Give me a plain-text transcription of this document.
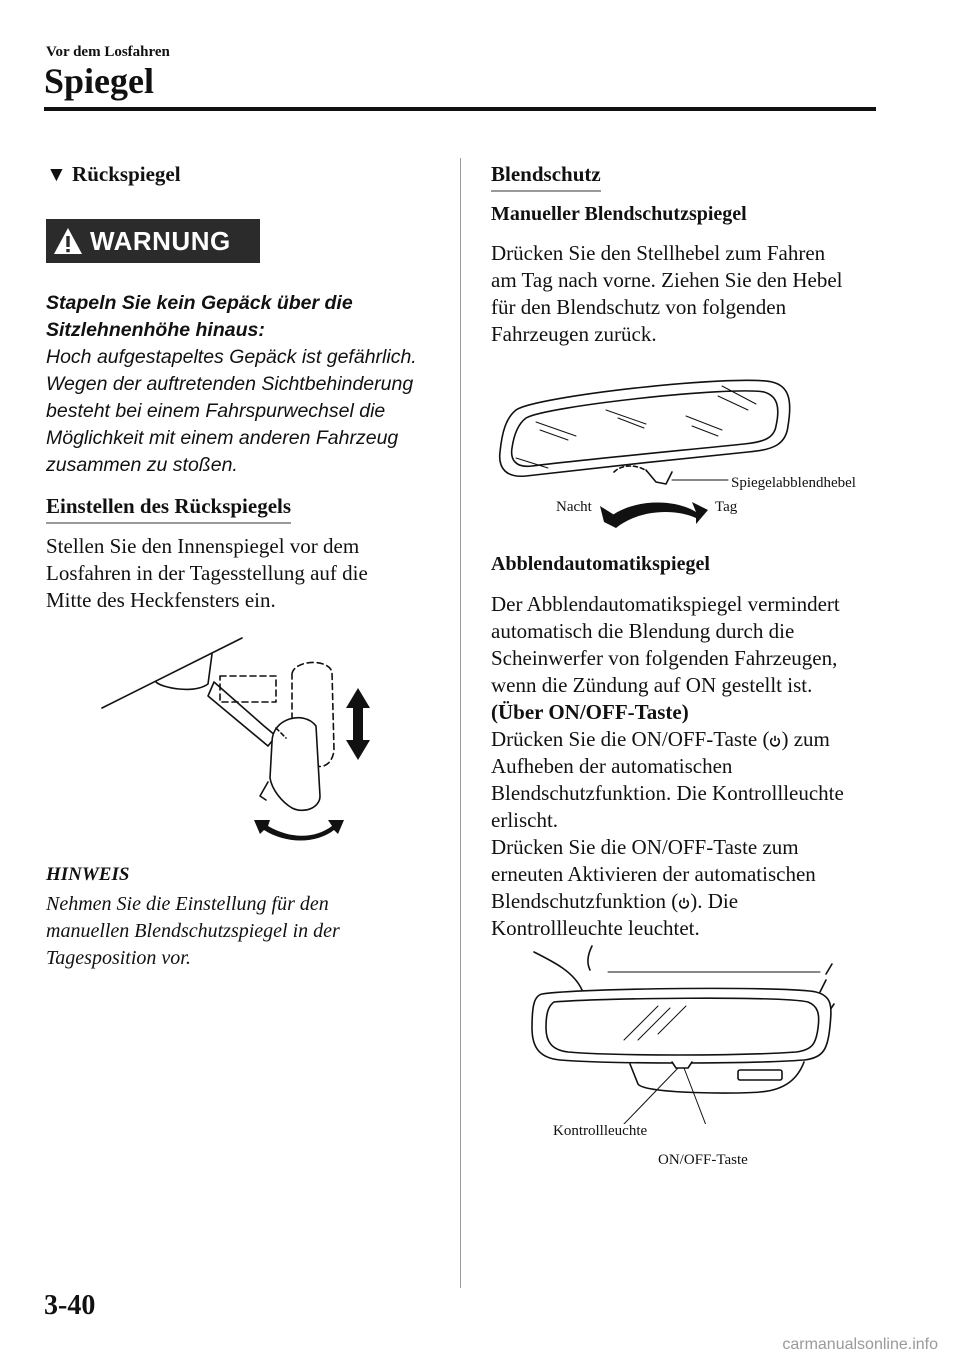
Vor dem Losfahren
Spiegel
▼ Rückspiegel
WARNUNG
Stapeln Sie kein Gepäck über die
Sitzlehnenhöhe hinaus:
Hoch aufgestapeltes Gepäck ist gefährlich.
Wegen der auftretenden Sichtbehinderung
besteht bei einem Fahrspurwechsel die
Möglichkeit mit einem anderen Fahrzeug
zusammen zu stoßen.
Einstellen des Rückspiegels
Stellen Sie den Innenspiegel vor dem
Losfahren in der Tagesstellung auf die
Mitte des Heckfensters ein.
HINWEIS
Nehmen Sie die Einstellung für den
manuellen Blendschutzspiegel in der
Tagesposition vor.
Blendschutz
Manueller Blendschutzspiegel
Drücken Sie den Stellhebel zum Fahren
am Tag nach vorne. Ziehen Sie den Hebel
für den Blendschutz von folgenden
Fahrzeugen zurück.
Spiegelabblendhebel
Nacht	Tag
Abblendautomatikspiegel
Der Abblendautomatikspiegel vermindert
automatisch die Blendung durch die
Scheinwerfer von folgenden Fahrzeugen,
wenn die Zündung auf ON gestellt ist.
(Über ON/OFF-Taste)
Drücken Sie die ON/OFF-Taste ( ) zum
Aufheben der automatischen
Blendschutzfunktion. Die Kontrollleuchte
erlischt.
Drücken Sie die ON/OFF-Taste zum
erneuten Aktivieren der automatischen
Blendschutzfunktion ( ). Die
Kontrollleuchte leuchtet.
Kontrollleuchte
ON/OFF-Taste
3-40
carmanualsonline.info
